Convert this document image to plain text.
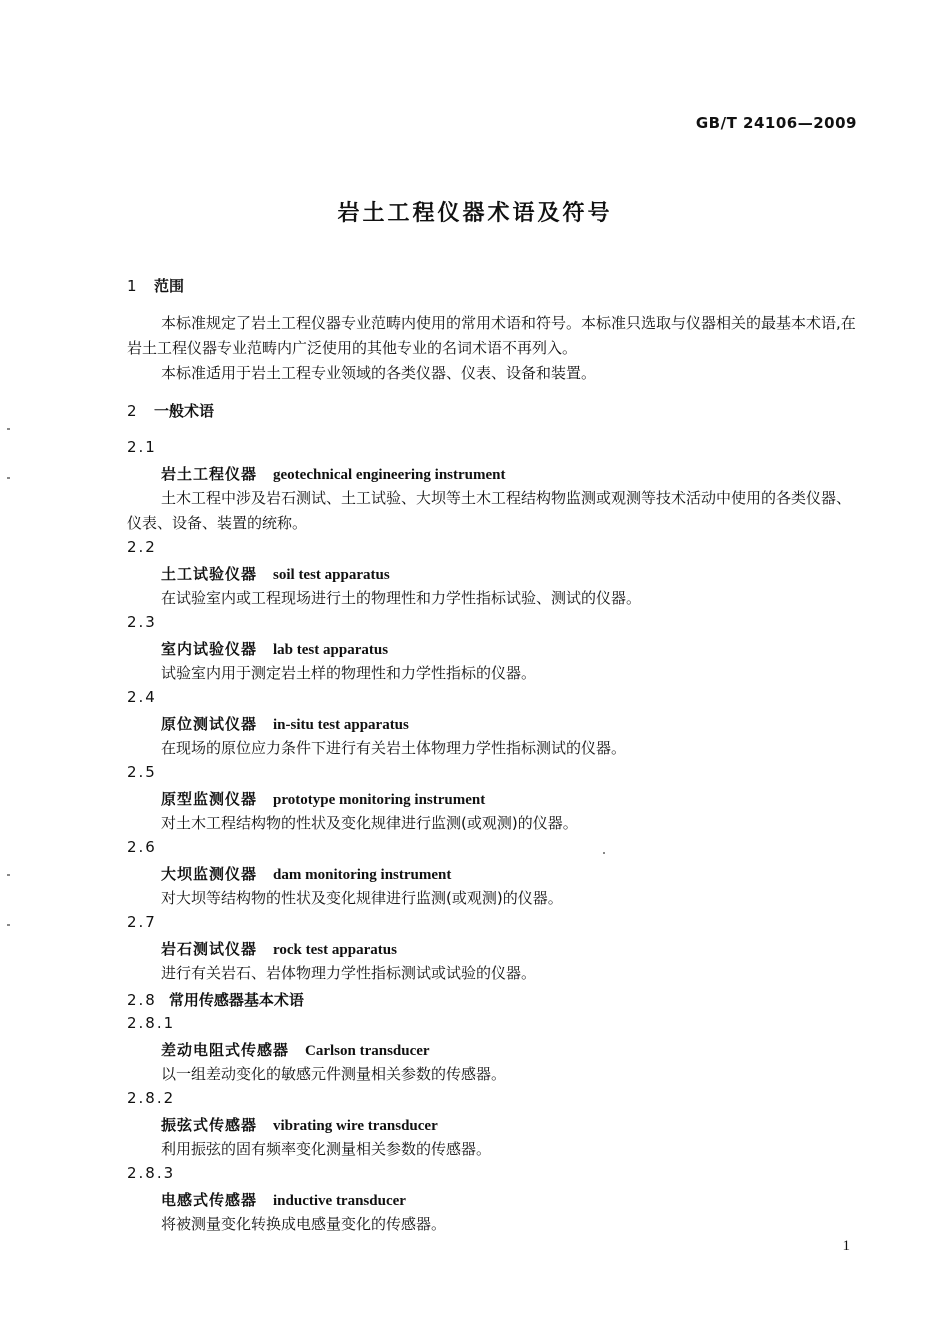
GB/T 24106—2009
岩土工程仪器术语及符号
1 范围

本标准规定了岩土工程仪器专业范畴内使用的常用术语和符号。本标准只选取与仪器相关的最基本术语,在岩土工程仪器专业范畴内广泛使用的其他专业的名词术语不再列入。

本标准适用于岩土工程专业领域的各类仪器、仪表、设备和装置。

2 一般术语
2.1
岩土工程仪器 geotechnical engineering instrument
土木工程中涉及岩石测试、土工试验、大坝等土木工程结构物监测或观测等技术活动中使用的各类仪器、仪表、设备、装置的统称。
2.2
土工试验仪器 soil test apparatus
在试验室内或工程现场进行土的物理性和力学性指标试验、测试的仪器。
2.3
室内试验仪器 lab test apparatus
试验室内用于测定岩土样的物理性和力学性指标的仪器。
2.4
原位测试仪器 in-situ test apparatus
在现场的原位应力条件下进行有关岩土体物理力学性指标测试的仪器。
2.5
原型监测仪器 prototype monitoring instrument
对土木工程结构物的性状及变化规律进行监测(或观测)的仪器。
2.6
大坝监测仪器 dam monitoring instrument
对大坝等结构物的性状及变化规律进行监测(或观测)的仪器。
2.7
岩石测试仪器 rock test apparatus
进行有关岩石、岩体物理力学性指标测试或试验的仪器。
2.8 常用传感器基本术语
2.8.1
差动电阻式传感器 Carlson transducer
以一组差动变化的敏感元件测量相关参数的传感器。
2.8.2
振弦式传感器 vibrating wire transducer
利用振弦的固有频率变化测量相关参数的传感器。
2.8.3
电感式传感器 inductive transducer
将被测量变化转换成电感量变化的传感器。
1
